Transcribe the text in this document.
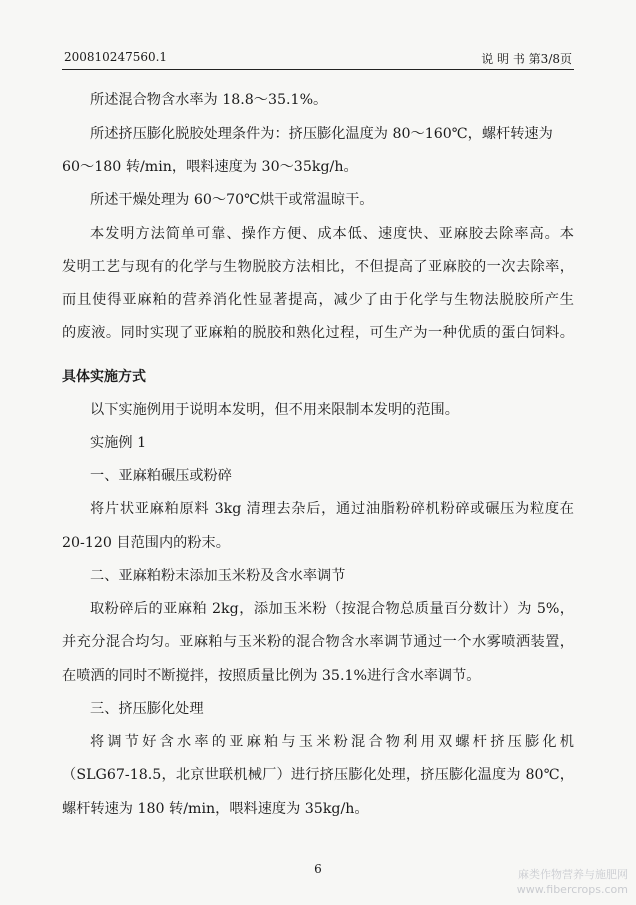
200810247560.1	说 明 书 第3/8页
所述混合物含水率为 18.8～35.1%。
所述挤压膨化脱胶处理条件为：挤压膨化温度为 80～160℃，螺杆转速为
60～180 转/min，喂料速度为 30～35kg/h。
所述干燥处理为 60～70℃烘干或常温晾干。
本发明方法简单可靠、操作方便、成本低、速度快、亚麻胶去除率高。本
发明工艺与现有的化学与生物脱胶方法相比，不但提高了亚麻胶的一次去除率，
而且使得亚麻粕的营养消化性显著提高，减少了由于化学与生物法脱胶所产生
的废液。同时实现了亚麻粕的脱胶和熟化过程，可生产为一种优质的蛋白饲料。
具体实施方式
以下实施例用于说明本发明，但不用来限制本发明的范围。
实施例 1
一、亚麻粕碾压或粉碎
将片状亚麻粕原料 3kg 清理去杂后，通过油脂粉碎机粉碎或碾压为粒度在
20-120 目范围内的粉末。
二、亚麻粕粉末添加玉米粉及含水率调节
取粉碎后的亚麻粕 2kg，添加玉米粉（按混合物总质量百分数计）为 5%，
并充分混合均匀。亚麻粕与玉米粉的混合物含水率调节通过一个水雾喷洒装置，
在喷洒的同时不断搅拌，按照质量比例为 35.1%进行含水率调节。
三、挤压膨化处理
将调节好含水率的亚麻粕与玉米粉混合物利用双螺杆挤压膨化机
（SLG67-18.5，北京世联机械厂）进行挤压膨化处理，挤压膨化温度为 80℃，
螺杆转速为 180 转/min，喂料速度为 35kg/h。
6	麻类作物营养与施肥网
www.fibercrops.com
